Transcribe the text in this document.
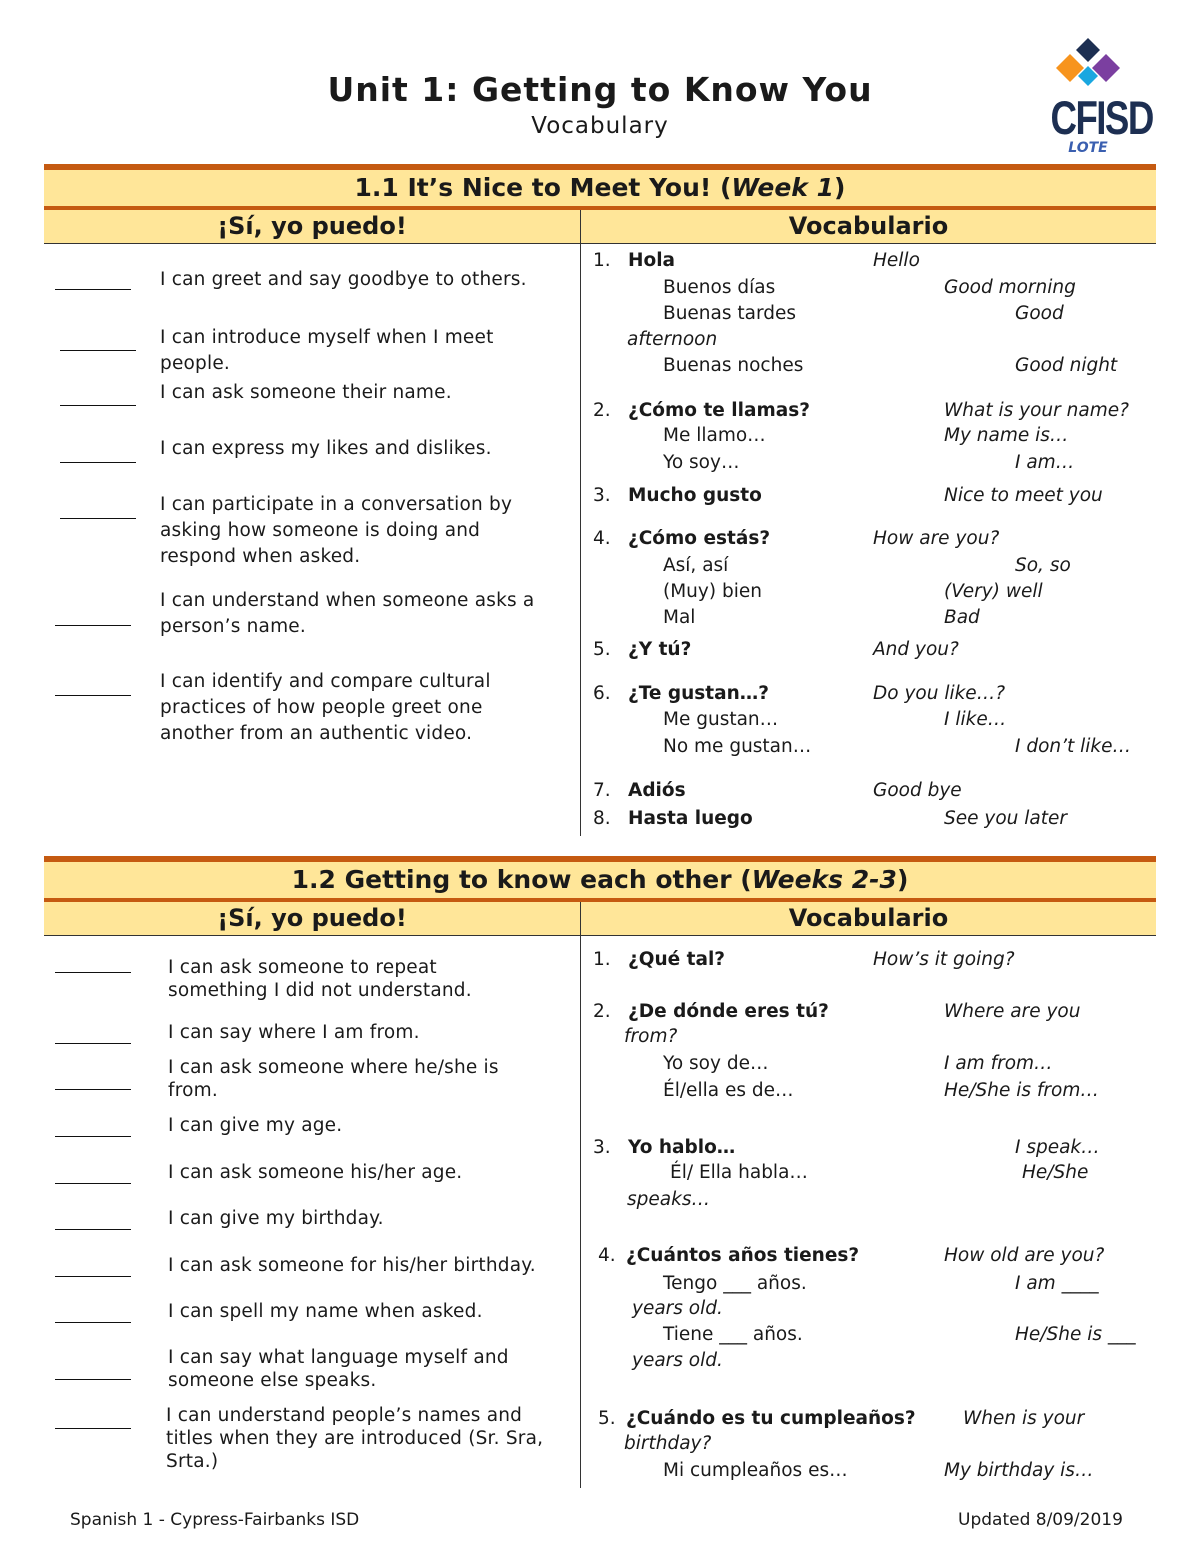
Unit 1: Getting to Know You
Vocabulary	CFISD
LOTE
1.1 It’s Nice to Meet You! (Week 1)
¡Sí, yo puedo!	Vocabulario
I can greet and say goodbye to others.
I can introduce myself when I meet people.
I can ask someone their name.
I can express my likes and dislikes.
I can participate in a conversation by asking how someone is doing and respond when asked.
I can understand when someone asks a person’s name.
I can identify and compare cultural practices of how people greet one another from an authentic video.
1. Hola	Hello
Buenos días	Good morning
Buenas tardes	Good
afternoon
Buenas noches	Good night
2. ¿Cómo te llamas?	What is your name?
Me llamo…	My name is…
Yo soy…	I am…
3. Mucho gusto	Nice to meet you
4. ¿Cómo estás?	How are you?
Así, así	So, so
(Muy) bien	(Very) well
Mal	Bad
5. ¿Y tú?	And you?
6. ¿Te gustan…?	Do you like…?
Me gustan…	I like…
No me gustan…	I don’t like…
7. Adiós	Good bye
8. Hasta luego	See you later
1.2 Getting to know each other (Weeks 2-3)
¡Sí, yo puedo!	Vocabulario
I can ask someone to repeat something I did not understand.
I can say where I am from.
I can ask someone where he/she is from.
I can give my age.
I can ask someone his/her age.
I can give my birthday.
I can ask someone for his/her birthday.
I can spell my name when asked.
I can say what language myself and someone else speaks.
I can understand people’s names and titles when they are introduced (Sr. Sra, Srta.)
1. ¿Qué tal?	How’s it going?
2. ¿De dónde eres tú?	Where are you
from?
Yo soy de…	I am from…
Él/ella es de…	He/She is from…
3. Yo hablo…	I speak…
Él/ Ella habla…	He/She
speaks…
4. ¿Cuántos años tienes?	How old are you?
Tengo ___ años.	I am ____
years old.
Tiene ___ años.	He/She is ___
years old.
5. ¿Cuándo es tu cumpleaños?	When is your
birthday?
Mi cumpleaños es…	My birthday is…
Spanish 1 - Cypress-Fairbanks ISD	Updated 8/09/2019
